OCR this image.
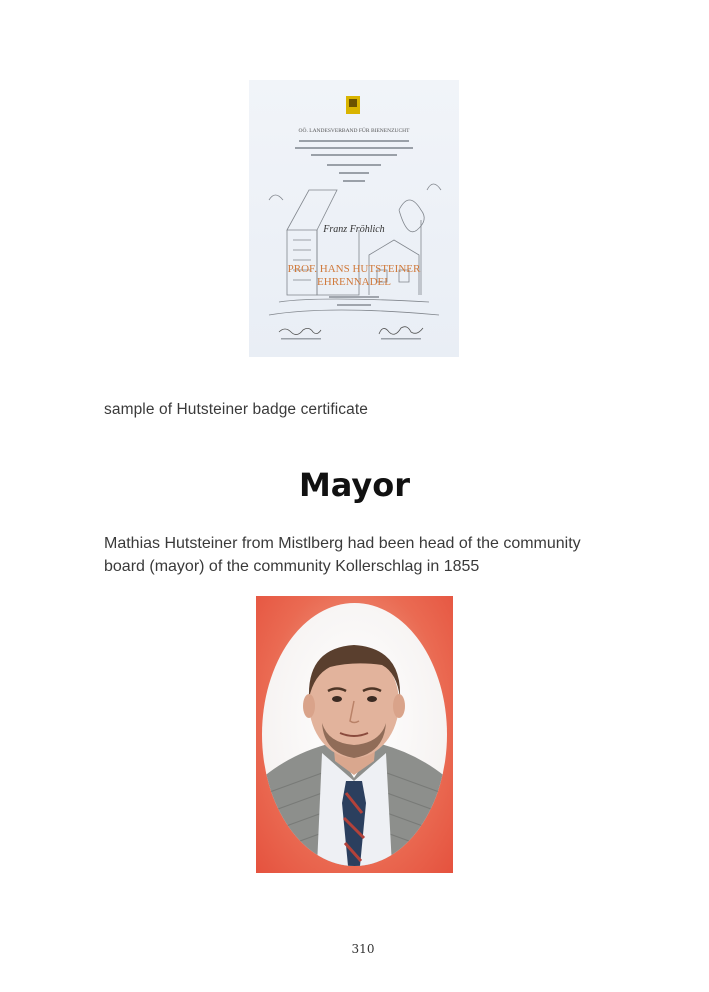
OÖ. LANDESVERBAND FÜR BIENENZUCHT
Franz Fröhlich
PROF. HANS HUTSTEINER
EHRENNADEL
sample of Hutsteiner badge certificate
Mayor

Mathias Hutsteiner from Mistlberg had been head of the community board (mayor) of the community Kollerschlag in 1855

310
